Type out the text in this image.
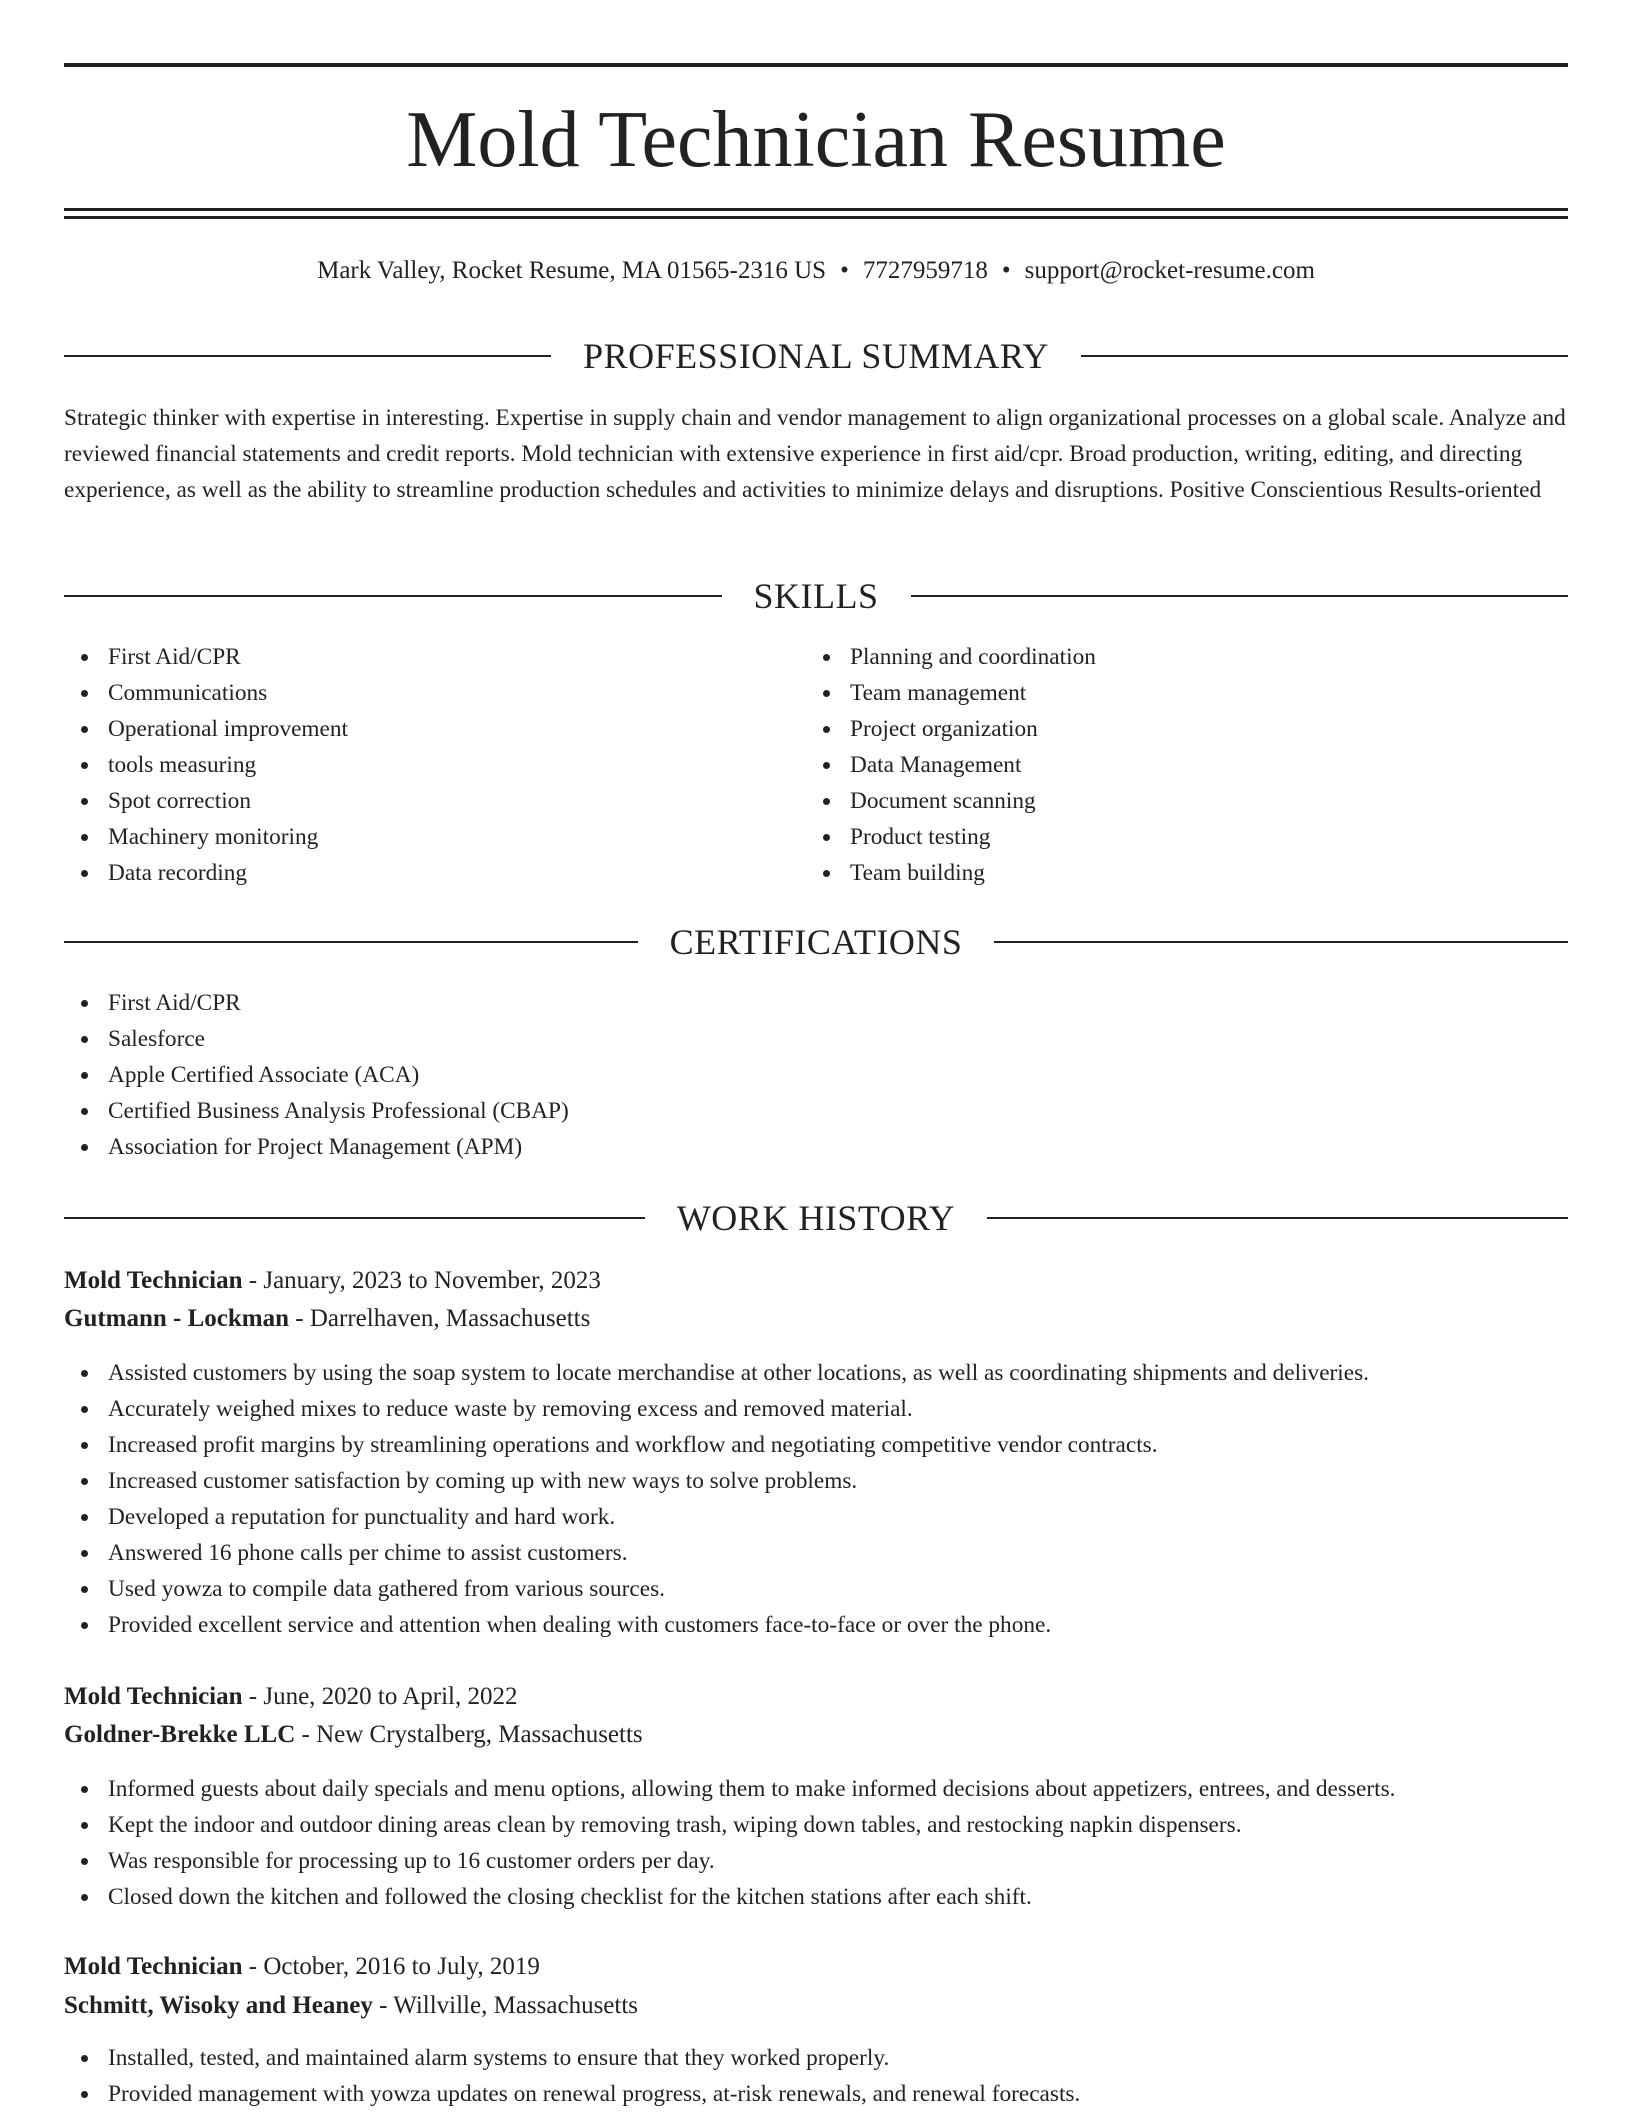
Mold Technician Resume
Mark Valley, Rocket Resume, MA 01565-2316 US • 7727959718 • support@rocket-resume.com
PROFESSIONAL SUMMARY

Strategic thinker with expertise in interesting. Expertise in supply chain and vendor management to align organizational processes on a global scale. Analyze and reviewed financial statements and credit reports. Mold technician with extensive experience in first aid/cpr. Broad production, writing, editing, and directing experience, as well as the ability to streamline production schedules and activities to minimize delays and disruptions. Positive Conscientious Results-oriented

SKILLS
First Aid/CPR
Communications
Operational improvement
tools measuring
Spot correction
Machinery monitoring
Data recording
Planning and coordination
Team management
Project organization
Data Management
Document scanning
Product testing
Team building
CERTIFICATIONS
First Aid/CPR
Salesforce
Apple Certified Associate (ACA)
Certified Business Analysis Professional (CBAP)
Association for Project Management (APM)
WORK HISTORY
Mold Technician - January, 2023 to November, 2023
Gutmann - Lockman - Darrelhaven, Massachusetts
Assisted customers by using the soap system to locate merchandise at other locations, as well as coordinating shipments and deliveries.
Accurately weighed mixes to reduce waste by removing excess and removed material.
Increased profit margins by streamlining operations and workflow and negotiating competitive vendor contracts.
Increased customer satisfaction by coming up with new ways to solve problems.
Developed a reputation for punctuality and hard work.
Answered 16 phone calls per chime to assist customers.
Used yowza to compile data gathered from various sources.
Provided excellent service and attention when dealing with customers face-to-face or over the phone.
Mold Technician - June, 2020 to April, 2022
Goldner-Brekke LLC - New Crystalberg, Massachusetts
Informed guests about daily specials and menu options, allowing them to make informed decisions about appetizers, entrees, and desserts.
Kept the indoor and outdoor dining areas clean by removing trash, wiping down tables, and restocking napkin dispensers.
Was responsible for processing up to 16 customer orders per day.
Closed down the kitchen and followed the closing checklist for the kitchen stations after each shift.
Mold Technician - October, 2016 to July, 2019
Schmitt, Wisoky and Heaney - Willville, Massachusetts
Installed, tested, and maintained alarm systems to ensure that they worked properly.
Provided management with yowza updates on renewal progress, at-risk renewals, and renewal forecasts.
